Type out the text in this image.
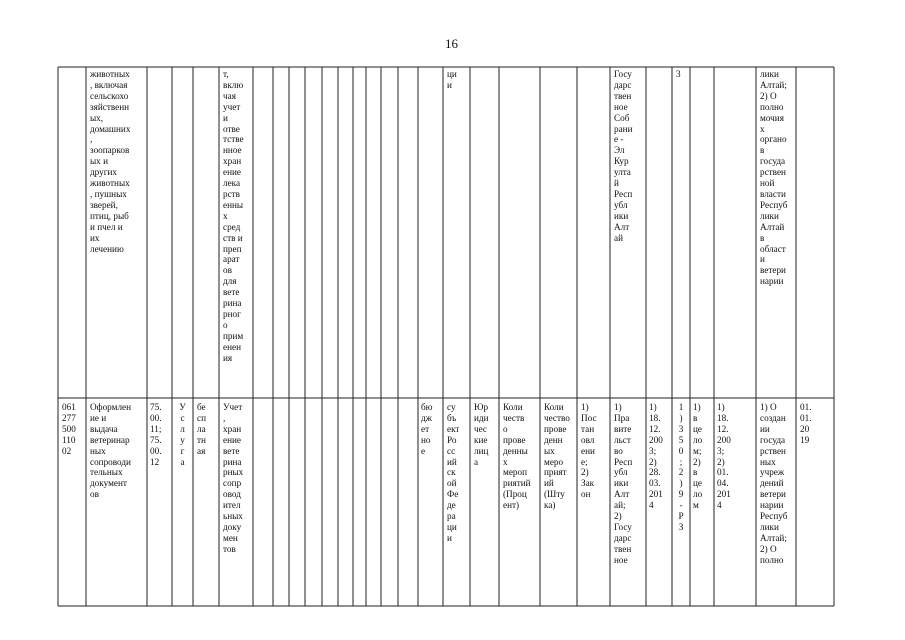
16
животных
, включая
сельскохо
зяйственн
ых,
домашних
,
зоопарков
ых и
других
животных
, пушных
зверей,
птиц, рыб
и пчел и
их
лечению
т,
вклю
чая
учет
и
отве
тстве
нное
хран
ение
лека
рств
енны
х
сред
ств и
преп
арат
ов
для
вете
рина
рног
о
прим
енен
ия
ци
и
Госу
дарс
твен
ное
Соб
рани
е -
Эл
Кур
ултa
й
Респ
убл
ики
Алт
ай
3	лики
Алтай;
2) О
полно
мочия
х
органо
в
госуда
рствен
ной
власти
Респуб
лики
Алтай
в
област
и
ветери
нарии
061
277
500
110
02
Оформлен
ие и
выдача
ветеринар
ных
сопроводи
тельных
документ
ов
75.
00.
11;
75.
00.
12
У
с
л
у
г
а
бе
сп
ла
тн
ая
Учет
,
хран
ение
вете
рина
рных
сопр
овод
ител
ьных
доку
мен
тов
бю
дж
ет
но
е
су
бъ
ект
Ро
сс
ий
ск
ой
Фе
де
ра
ци
и
Юр
иди
чес
кие
лиц
а
Коли
честв
о
прове
денны
х
мероп
риятий
(Проц
ент)
Коли
чество
прове
денн
ых
меро
прият
ий
(Шту
ка)
1)
Пос
тан
овл
ени
е;
2)
Зак
он
1)
Пра
вите
льст
во
Респ
убл
ики
Алт
ай;
2)
Госу
дарс
твен
ное
1)
18.
12.
200
3;
2)
28.
03.
201
4
1
)
3
5
0
;
2
)
9
-
Р
З
1)
в
це
ло
м;
2)
в
це
ло
м
1)
18.
12.
200
3;
2)
01.
04.
201
4
1) О
создан
ии
госуда
рствен
ных
учреж
дений
ветери
нарии
Респуб
лики
Алтай;
2) О
полно
01.
01.
20
19
